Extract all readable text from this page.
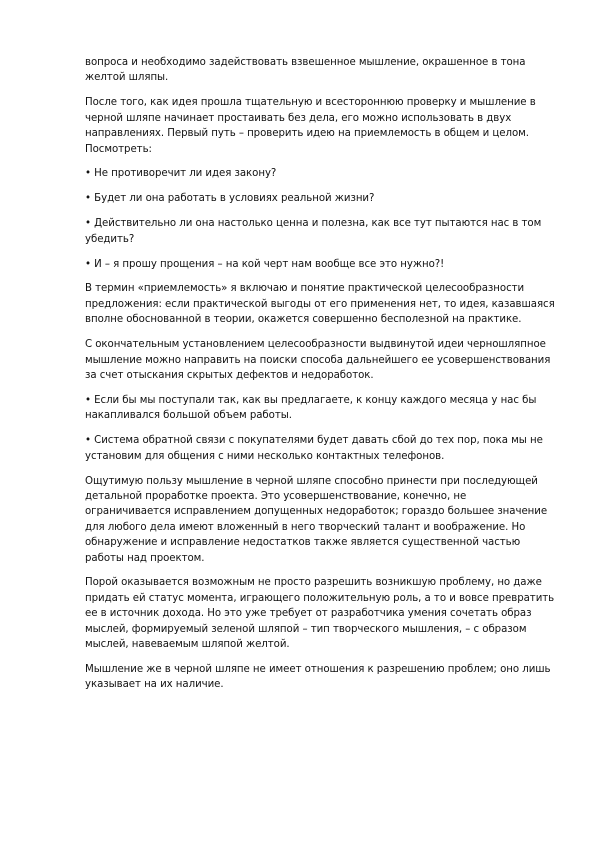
вопроса и необходимо задействовать взвешенное мышление, окрашенное в тона желтой шляпы.

После того, как идея прошла тщательную и всестороннюю проверку и мышление в черной шляпе начинает простаивать без дела, его можно использовать в двух направлениях. Первый путь – проверить идею на приемлемость в общем и целом. Посмотреть:

• Не противоречит ли идея закону?

• Будет ли она работать в условиях реальной жизни?

• Действительно ли она настолько ценна и полезна, как все тут пытаются нас в том убедить?

• И – я прошу прощения – на кой черт нам вообще все это нужно?!

В термин «приемлемость» я включаю и понятие практической целесообразности предложения: если практической выгоды от его применения нет, то идея, казавшаяся вполне обоснованной в теории, окажется совершенно бесполезной на практике.

С окончательным установлением целесообразности выдвинутой идеи черношляпное мышление можно направить на поиски способа дальнейшего ее усовершенствования за счет отыскания скрытых дефектов и недоработок.

• Если бы мы поступали так, как вы предлагаете, к концу каждого месяца у нас бы накапливался большой объем работы.

• Система обратной связи с покупателями будет давать сбой до тех пор, пока мы не установим для общения с ними несколько контактных телефонов.

Ощутимую пользу мышление в черной шляпе способно принести при последующей детальной проработке проекта. Это усовершенствование, конечно, не ограничивается исправлением допущенных недоработок; гораздо большее значение для любого дела имеют вложенный в него творческий талант и воображение. Но обнаружение и исправление недостатков также является существенной частью работы над проектом.

Порой оказывается возможным не просто разрешить возникшую проблему, но даже придать ей статус момента, играющего положительную роль, а то и вовсе превратить ее в источник дохода. Но это уже требует от разработчика умения сочетать образ мыслей, формируемый зеленой шляпой – тип творческого мышления, – с образом мыслей, навеваемым шляпой желтой.

Мышление же в черной шляпе не имеет отношения к разрешению проблем; оно лишь указывает на их наличие.
